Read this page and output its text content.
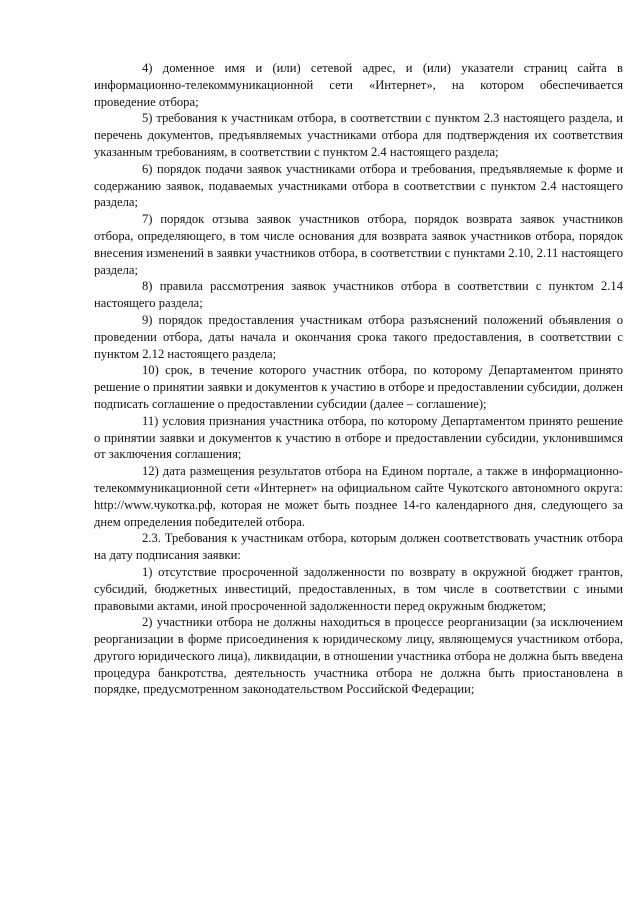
4) доменное имя и (или) сетевой адрес, и (или) указатели страниц сайта в информационно-телекоммуникационной сети «Интернет», на котором обеспечивается проведение отбора;

5) требования к участникам отбора, в соответствии с пунктом 2.3 настоящего раздела, и перечень документов, предъявляемых участниками отбора для подтверждения их соответствия указанным требованиям, в соответствии с пунктом 2.4 настоящего раздела;

6) порядок подачи заявок участниками отбора и требования, предъявляемые к форме и содержанию заявок, подаваемых участниками отбора в соответствии с пунктом 2.4 настоящего раздела;

7) порядок отзыва заявок участников отбора, порядок возврата заявок участников отбора, определяющего, в том числе основания для возврата заявок участников отбора, порядок внесения изменений в заявки участников отбора, в соответствии с пунктами 2.10, 2.11 настоящего раздела;

8) правила рассмотрения заявок участников отбора в соответствии с пунктом 2.14 настоящего раздела;

9) порядок предоставления участникам отбора разъяснений положений объявления о проведении отбора, даты начала и окончания срока такого предоставления, в соответствии с пунктом 2.12 настоящего раздела;

10) срок, в течение которого участник отбора, по которому Департаментом принято решение о принятии заявки и документов к участию в отборе и предоставлении субсидии, должен подписать соглашение о предоставлении субсидии (далее – соглашение);

11) условия признания участника отбора, по которому Департаментом принято решение о принятии заявки и документов к участию в отборе и предоставлении субсидии, уклонившимся от заключения соглашения;

12) дата размещения результатов отбора на Едином портале, а также в информационно-телекоммуникационной сети «Интернет» на официальном сайте Чукотского автономного округа: http://www.чукотка.рф, которая не может быть позднее 14-го календарного дня, следующего за днем определения победителей отбора.

2.3. Требования к участникам отбора, которым должен соответствовать участник отбора на дату подписания заявки:

1) отсутствие просроченной задолженности по возврату в окружной бюджет грантов, субсидий, бюджетных инвестиций, предоставленных, в том числе в соответствии с иными правовыми актами, иной просроченной задолженности перед окружным бюджетом;

2) участники отбора не должны находиться в процессе реорганизации (за исключением реорганизации в форме присоединения к юридическому лицу, являющемуся участником отбора, другого юридического лица), ликвидации, в отношении участника отбора не должна быть введена процедура банкротства, деятельность участника отбора не должна быть приостановлена в порядке, предусмотренном законодательством Российской Федерации;
